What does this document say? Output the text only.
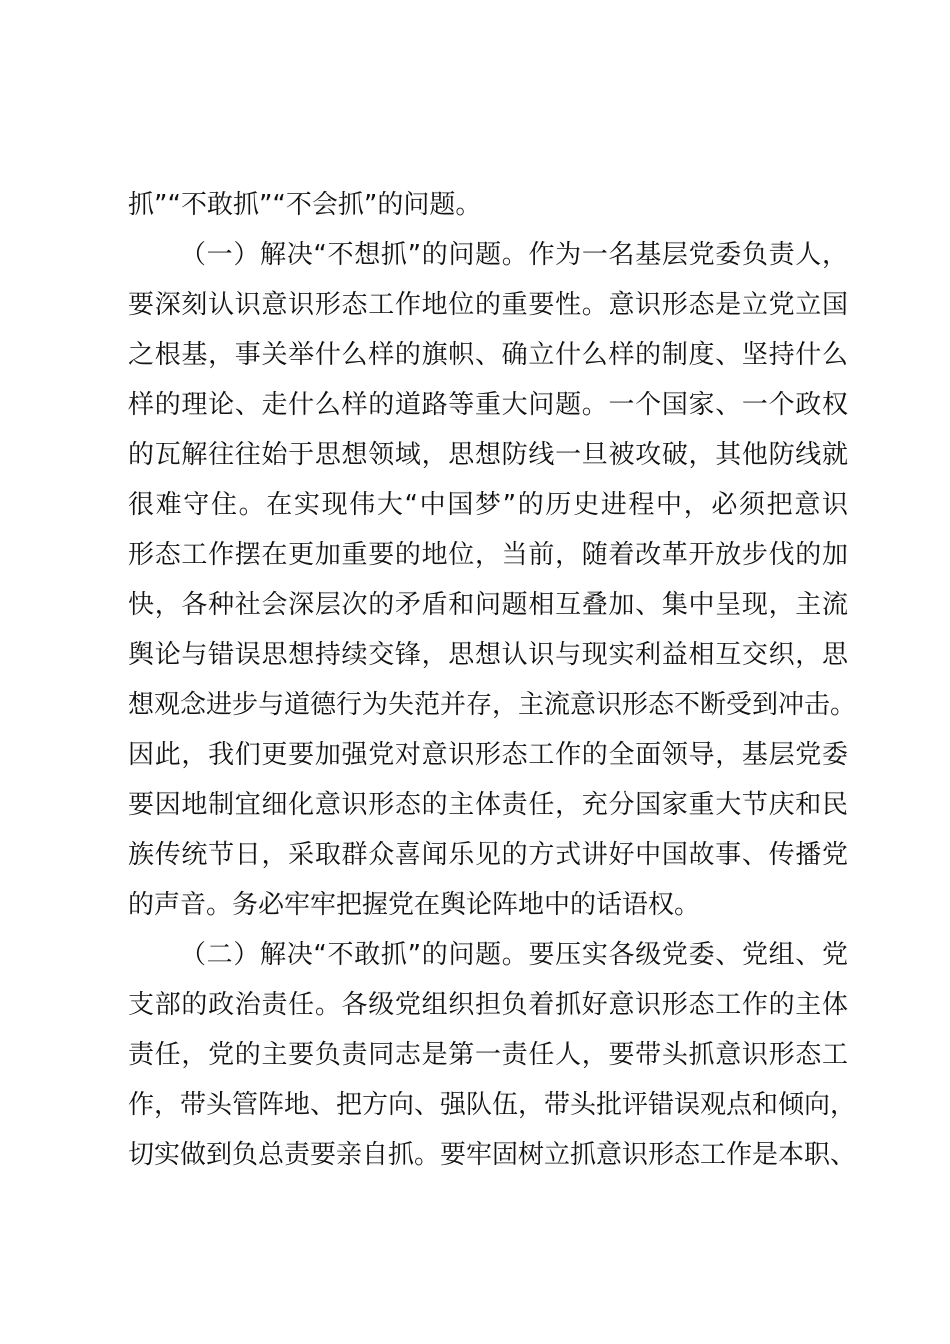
抓”“不敢抓”“不会抓”的问题。
（一）解决“不想抓”的问题。作为一名基层党委负责人，
要深刻认识意识形态工作地位的重要性。意识形态是立党立国
之根基，事关举什么样的旗帜、确立什么样的制度、坚持什么
样的理论、走什么样的道路等重大问题。一个国家、一个政权
的瓦解往往始于思想领域，思想防线一旦被攻破，其他防线就
很难守住。在实现伟大“中国梦”的历史进程中，必须把意识
形态工作摆在更加重要的地位，当前，随着改革开放步伐的加
快，各种社会深层次的矛盾和问题相互叠加、集中呈现，主流
舆论与错误思想持续交锋，思想认识与现实利益相互交织，思
想观念进步与道德行为失范并存，主流意识形态不断受到冲击。
因此，我们更要加强党对意识形态工作的全面领导，基层党委
要因地制宜细化意识形态的主体责任，充分国家重大节庆和民
族传统节日，采取群众喜闻乐见的方式讲好中国故事、传播党
的声音。务必牢牢把握党在舆论阵地中的话语权。
（二）解决“不敢抓”的问题。要压实各级党委、党组、党
支部的政治责任。各级党组织担负着抓好意识形态工作的主体
责任，党的主要负责同志是第一责任人，要带头抓意识形态工
作，带头管阵地、把方向、强队伍，带头批评错误观点和倾向，
切实做到负总责要亲自抓。要牢固树立抓意识形态工作是本职、
